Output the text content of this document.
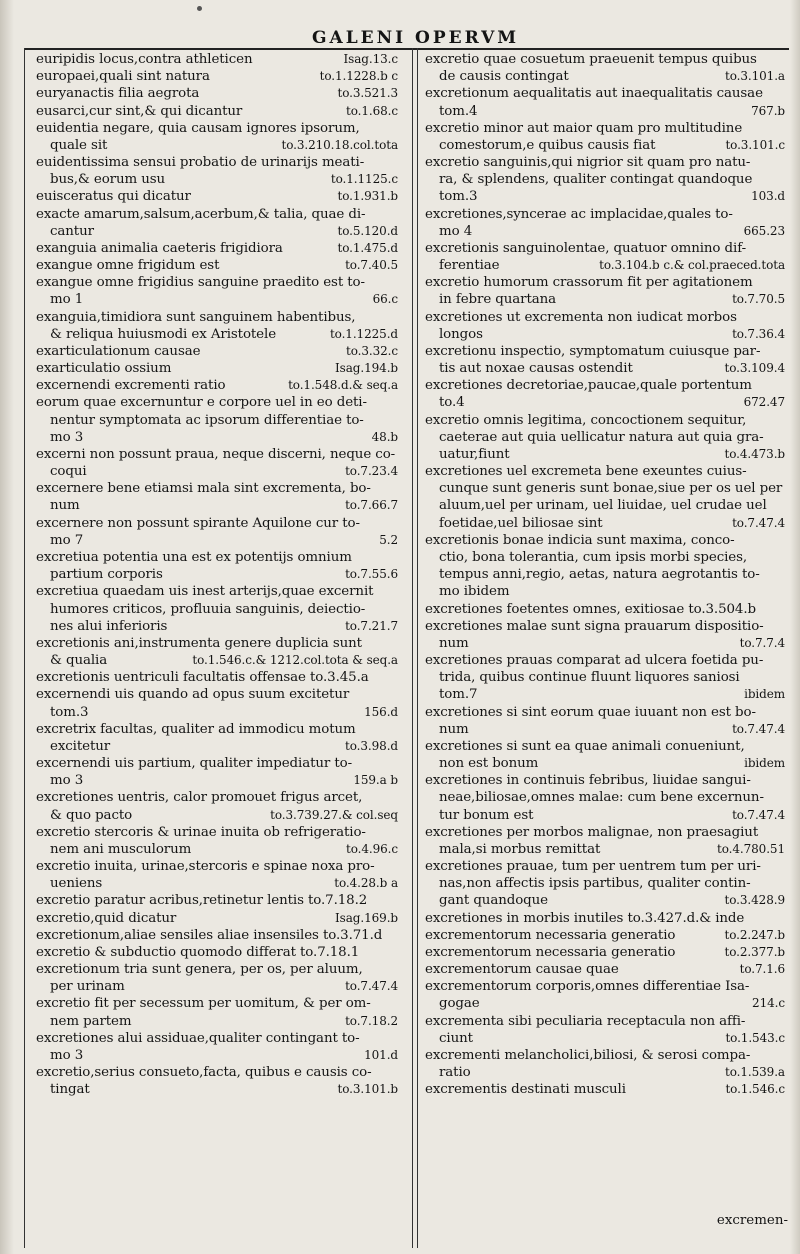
GALENI OPERVM
euripidis locus,contra athleticen	Isag.13.c
europaei,quali sint natura	to.1.1228.b c
euryanactis filia aegrota	to.3.521.3
eusarci,cur sint,& qui dicantur	to.1.68.c
euidentia negare, quia causam ignores ipsorum,
quale sit	to.3.210.18.col.tota
euidentissima sensui probatio de urinarijs meati-
bus,& eorum usu	to.1.1125.c
euisceratus qui dicatur	to.1.931.b
exacte amarum,salsum,acerbum,& talia, quae di-
cantur	to.5.120.d
exanguia animalia caeteris frigidiora	to.1.475.d
exangue omne frigidum est	to.7.40.5
exangue omne frigidius sanguine praedito est to-
mo 1	66.c
exanguia,timidiora sunt sanguinem habentibus,
& reliqua huiusmodi ex Aristotele	to.1.1225.d
exarticulationum causae	to.3.32.c
exarticulatio ossium	Isag.194.b
excernendi excrementi ratio	to.1.548.d.& seq.a
eorum quae excernuntur e corpore uel in eo deti-
nentur symptomata ac ipsorum differentiae to-
mo 3	48.b
excerni non possunt praua, neque discerni, neque co-
coqui	to.7.23.4
excernere bene etiamsi mala sint excrementa, bo-
num	to.7.66.7
excernere non possunt spirante Aquilone cur to-
mo 7	5.2
excretiua potentia una est ex potentijs omnium
partium corporis	to.7.55.6
excretiua quaedam uis inest arterijs,quae excernit
humores criticos, profluuia sanguinis, deiectio-
nes alui inferioris	to.7.21.7
excretionis ani,instrumenta genere duplicia sunt
& qualia	to.1.546.c.& 1212.col.tota & seq.a
excretionis uentriculi facultatis offensae to.3.45.a
excernendi uis quando ad opus suum excitetur
tom.3	156.d
excretrix facultas, qualiter ad immodicu motum
excitetur	to.3.98.d
excernendi uis partium, qualiter impediatur to-
mo 3	159.a b
excretiones uentris, calor promouet frigus arcet,
& quo pacto	to.3.739.27.& col.seq
excretio stercoris & urinae inuita ob refrigeratio-
nem ani musculorum	to.4.96.c
excretio inuita, urinae,stercoris e spinae noxa pro-
ueniens	to.4.28.b a
excretio paratur acribus,retinetur lentis to.7.18.2
excretio,quid dicatur	Isag.169.b
excretionum,aliae sensiles aliae insensiles to.3.71.d
excretio & subductio quomodo differat to.7.18.1
excretionum tria sunt genera, per os, per aluum,
per urinam	to.7.47.4
excretio fit per secessum per uomitum, & per om-
nem partem	to.7.18.2
excretiones alui assiduae,qualiter contingant to-
mo 3	101.d
excretio,serius consueto,facta, quibus e causis co-
tingat	to.3.101.b
excretio quae cosuetum praeuenit tempus quibus
de causis contingat	to.3.101.a
excretionum aequalitatis aut inaequalitatis causae
tom.4	767.b
excretio minor aut maior quam pro multitudine
comestorum,e quibus causis fiat	to.3.101.c
excretio sanguinis,qui nigrior sit quam pro natu-
ra, & splendens, qualiter contingat quandoque
tom.3	103.d
excretiones,syncerae ac implacidae,quales to-
mo 4	665.23
excretionis sanguinolentae, quatuor omnino dif-
ferentiae	to.3.104.b c.& col.praeced.tota
excretio humorum crassorum fit per agitationem
in febre quartana	to.7.70.5
excretiones ut excrementa non iudicat morbos
longos	to.7.36.4
excretionu inspectio, symptomatum cuiusque par-
tis aut noxae causas ostendit	to.3.109.4
excretiones decretoriae,paucae,quale portentum
to.4	672.47
excretio omnis legitima, concoctionem sequitur,
caeterae aut quia uellicatur natura aut quia gra-
uatur,fiunt	to.4.473.b
excretiones uel excremeta bene exeuntes cuius-
cunque sunt generis sunt bonae,siue per os uel per
aluum,uel per urinam, uel liuidae, uel crudae uel
foetidae,uel biliosae sint	to.7.47.4
excretionis bonae indicia sunt maxima, conco-
ctio, bona tolerantia, cum ipsis morbi species,
tempus anni,regio, aetas, natura aegrotantis to-
mo ibidem
excretiones foetentes omnes, exitiosae to.3.504.b
excretiones malae sunt signa prauarum dispositio-
num	to.7.7.4
excretiones prauas comparat ad ulcera foetida pu-
trida, quibus continue fluunt liquores saniosi
tom.7	ibidem
excretiones si sint eorum quae iuuant non est bo-
num	to.7.47.4
excretiones si sunt ea quae animali conueniunt,
non est bonum	ibidem
excretiones in continuis febribus, liuidae sangui-
neae,biliosae,omnes malae: cum bene excernun-
tur bonum est	to.7.47.4
excretiones per morbos malignae, non praesagiut
mala,si morbus remittat	to.4.780.51
excretiones prauae, tum per uentrem tum per uri-
nas,non affectis ipsis partibus, qualiter contin-
gant quandoque	to.3.428.9
excretiones in morbis inutiles to.3.427.d.& inde
excrementorum necessaria generatio	to.2.247.b
excrementorum necessaria generatio	to.2.377.b
excrementorum causae quae	to.7.1.6
excrementorum corporis,omnes differentiae Isa-
gogae	214.c
excrementa sibi peculiaria receptacula non affi-
ciunt	to.1.543.c
excrementi melancholici,biliosi, & serosi compa-
ratio	to.1.539.a
excrementis destinati musculi	to.1.546.c
excremen-
